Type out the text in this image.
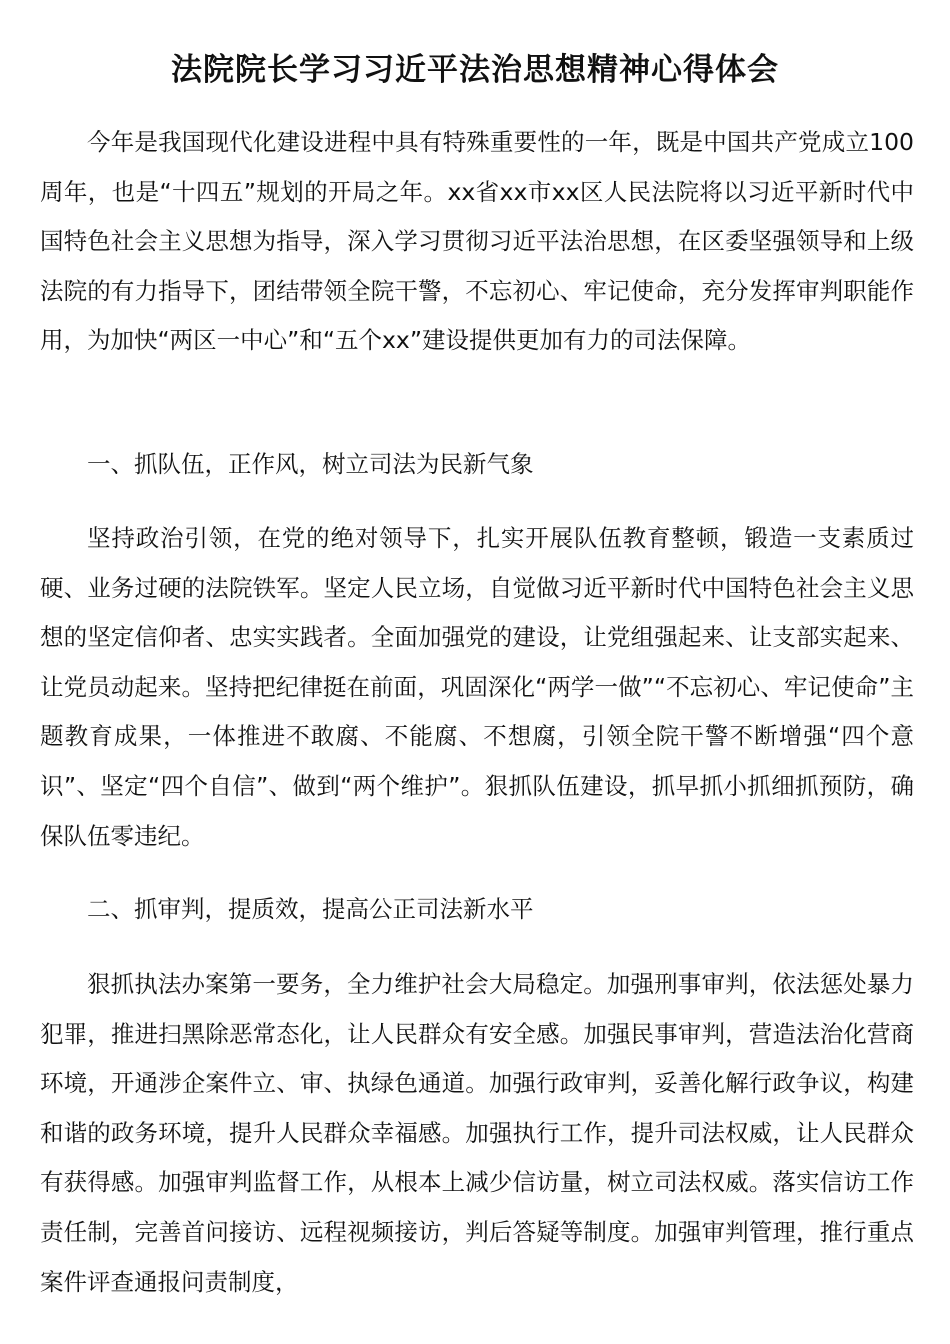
法院院长学习习近平法治思想精神心得体会

今年是我国现代化建设进程中具有特殊重要性的一年，既是中国共产党成立100周年，也是“十四五”规划的开局之年。xx省xx市xx区人民法院将以习近平新时代中国特色社会主义思想为指导，深入学习贯彻习近平法治思想，在区委坚强领导和上级法院的有力指导下，团结带领全院干警，不忘初心、牢记使命，充分发挥审判职能作用，为加快“两区一中心”和“五个xx”建设提供更加有力的司法保障。

一、抓队伍，正作风，树立司法为民新气象

坚持政治引领，在党的绝对领导下，扎实开展队伍教育整顿，锻造一支素质过硬、业务过硬的法院铁军。坚定人民立场，自觉做习近平新时代中国特色社会主义思想的坚定信仰者、忠实实践者。全面加强党的建设，让党组强起来、让支部实起来、让党员动起来。坚持把纪律挺在前面，巩固深化“两学一做”“不忘初心、牢记使命”主题教育成果，一体推进不敢腐、不能腐、不想腐，引领全院干警不断增强“四个意识”、坚定“四个自信”、做到“两个维护”。狠抓队伍建设，抓早抓小抓细抓预防，确保队伍零违纪。

二、抓审判，提质效，提高公正司法新水平

狠抓执法办案第一要务，全力维护社会大局稳定。加强刑事审判，依法惩处暴力犯罪，推进扫黑除恶常态化，让人民群众有安全感。加强民事审判，营造法治化营商环境，开通涉企案件立、审、执绿色通道。加强行政审判，妥善化解行政争议，构建和谐的政务环境，提升人民群众幸福感。加强执行工作，提升司法权威，让人民群众有获得感。加强审判监督工作，从根本上减少信访量，树立司法权威。落实信访工作责任制，完善首问接访、远程视频接访，判后答疑等制度。加强审判管理，推行重点案件评查通报问责制度，
